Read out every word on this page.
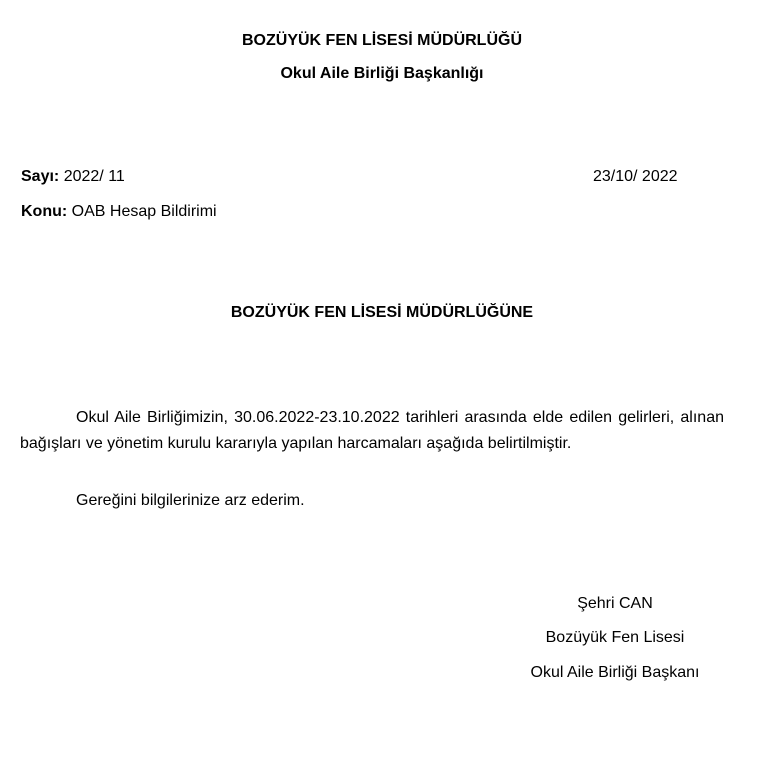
BOZÜYÜK FEN LİSESİ MÜDÜRLÜĞÜ
Okul Aile Birliği Başkanlığı
Sayı: 2022/ 11	23/10/ 2022
Konu: OAB Hesap Bildirimi
BOZÜYÜK FEN LİSESİ MÜDÜRLÜĞÜNE

Okul Aile Birliğimizin, 30.06.2022-23.10.2022 tarihleri arasında elde edilen gelirleri, alınan bağışları ve yönetim kurulu kararıyla yapılan harcamaları aşağıda belirtilmiştir.

Gereğini bilgilerinize arz ederim.
Şehri CAN
Bozüyük Fen Lisesi
Okul Aile Birliği Başkanı
